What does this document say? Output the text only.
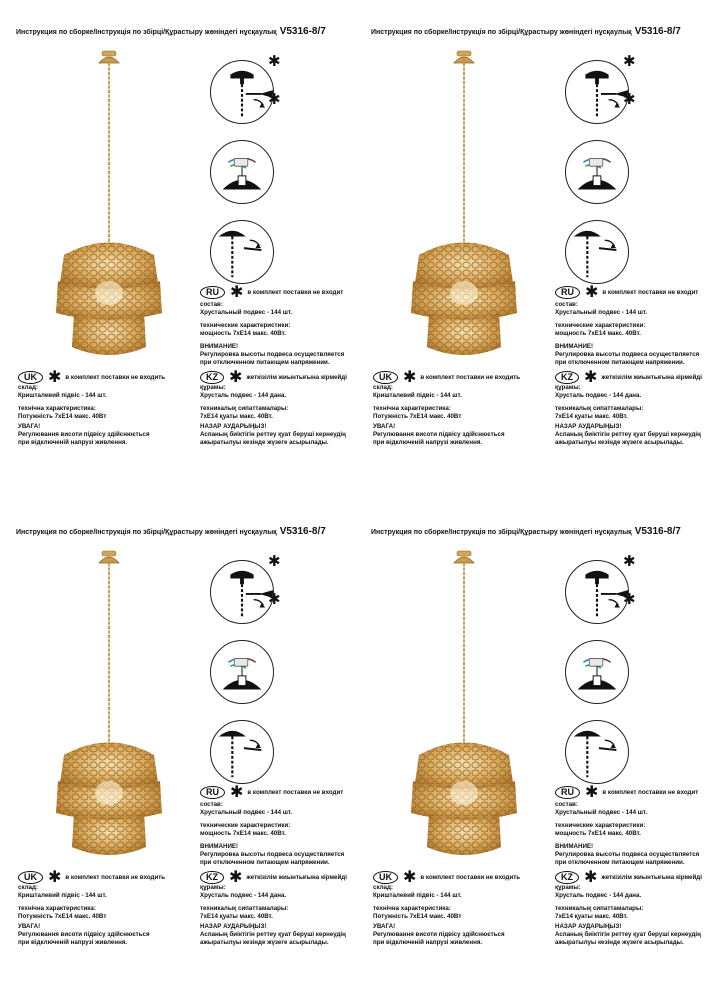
Инструкция по сборке/Інструкція по збірці/Құрастыру жөніндегі нұсқаулық V5316-8/7
✱
✱
RU ✱ в комплект поставки не входит

состав:

Хрустальный подвес - 144 шт.

технические характеристики:

мощность 7хE14 макс. 40Вт.

ВНИМАНИЕ!

Регулировка высоты подвеса осуществляется

при отключенном питающем напряжении.

UK ✱ в комплект поставки не входить

склад:

Кришталевий підвіс - 144 шт.

технічна характеристика:

Потужність 7хE14 макс. 40Вт

УВАГА!

Регулювання висоти підвісу здійснюється

при відключеній напрузі живлення.

KZ ✱ жеткізілім жиынтығына кірмейді

құрамы:

Хрусталь подвес - 144 дана.

техникалық сипаттамалары:

7хE14 қуаты макс. 40Вт.

НАЗАР АУДАРЫҢЫЗ!

Аспаның биіктігін реттеу қуат беруші кернеудің

ажыратылуы кезінде жүзеге асырылады.

Инструкция по сборке/Інструкція по збірці/Құрастыру жөніндегі нұсқаулық V5316-8/7
✱
✱
RU ✱ в комплект поставки не входит

состав:

Хрустальный подвес - 144 шт.

технические характеристики:

мощность 7хE14 макс. 40Вт.

ВНИМАНИЕ!

Регулировка высоты подвеса осуществляется

при отключенном питающем напряжении.

UK ✱ в комплект поставки не входить

склад:

Кришталевий підвіс - 144 шт.

технічна характеристика:

Потужність 7хE14 макс. 40Вт

УВАГА!

Регулювання висоти підвісу здійснюється

при відключеній напрузі живлення.

KZ ✱ жеткізілім жиынтығына кірмейді

құрамы:

Хрусталь подвес - 144 дана.

техникалық сипаттамалары:

7хE14 қуаты макс. 40Вт.

НАЗАР АУДАРЫҢЫЗ!

Аспаның биіктігін реттеу қуат беруші кернеудің

ажыратылуы кезінде жүзеге асырылады.

Инструкция по сборке/Інструкція по збірці/Құрастыру жөніндегі нұсқаулық V5316-8/7
✱
✱
RU ✱ в комплект поставки не входит

состав:

Хрустальный подвес - 144 шт.

технические характеристики:

мощность 7хE14 макс. 40Вт.

ВНИМАНИЕ!

Регулировка высоты подвеса осуществляется

при отключенном питающем напряжении.

UK ✱ в комплект поставки не входить

склад:

Кришталевий підвіс - 144 шт.

технічна характеристика:

Потужність 7хE14 макс. 40Вт

УВАГА!

Регулювання висоти підвісу здійснюється

при відключеній напрузі живлення.

KZ ✱ жеткізілім жиынтығына кірмейді

құрамы:

Хрусталь подвес - 144 дана.

техникалық сипаттамалары:

7хE14 қуаты макс. 40Вт.

НАЗАР АУДАРЫҢЫЗ!

Аспаның биіктігін реттеу қуат беруші кернеудің

ажыратылуы кезінде жүзеге асырылады.

Инструкция по сборке/Інструкція по збірці/Құрастыру жөніндегі нұсқаулық V5316-8/7
✱
✱
RU ✱ в комплект поставки не входит

состав:

Хрустальный подвес - 144 шт.

технические характеристики:

мощность 7хE14 макс. 40Вт.

ВНИМАНИЕ!

Регулировка высоты подвеса осуществляется

при отключенном питающем напряжении.

UK ✱ в комплект поставки не входить

склад:

Кришталевий підвіс - 144 шт.

технічна характеристика:

Потужність 7хE14 макс. 40Вт

УВАГА!

Регулювання висоти підвісу здійснюється

при відключеній напрузі живлення.

KZ ✱ жеткізілім жиынтығына кірмейді

құрамы:

Хрусталь подвес - 144 дана.

техникалық сипаттамалары:

7хE14 қуаты макс. 40Вт.

НАЗАР АУДАРЫҢЫЗ!

Аспаның биіктігін реттеу қуат беруші кернеудің

ажыратылуы кезінде жүзеге асырылады.
